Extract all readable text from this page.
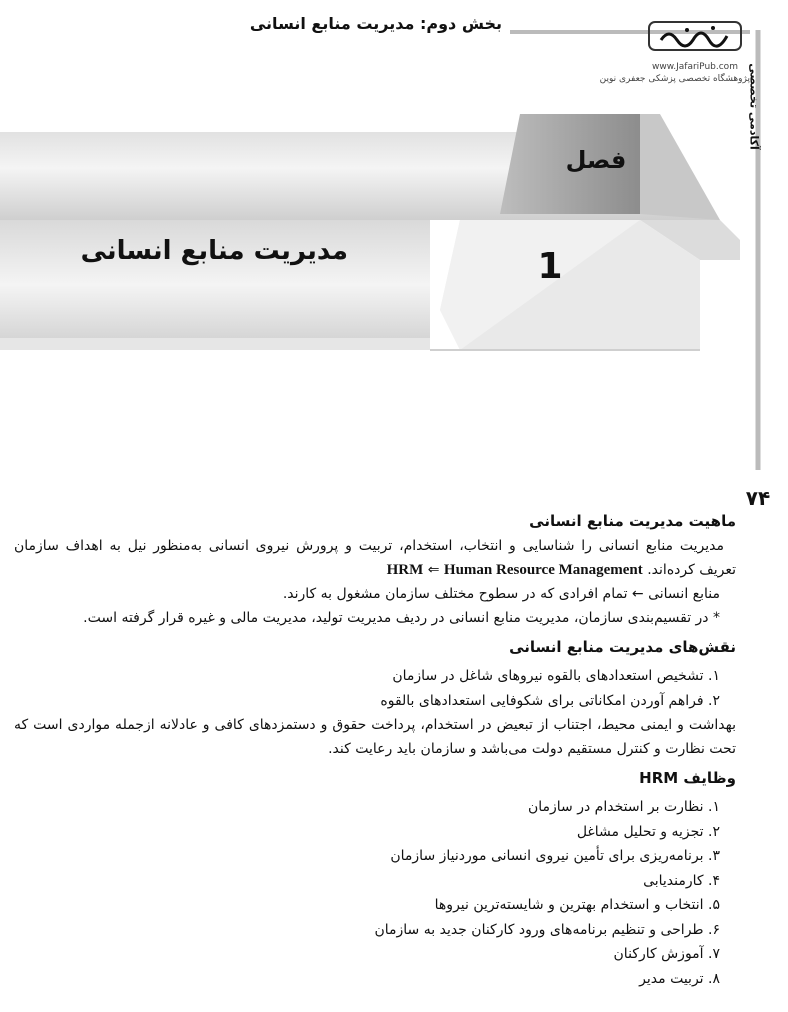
بخش دوم: مدیریت منابع انسانی
www.JafariPub.com
پژوهشگاه تخصصی پزشکی جعفری نوین
آکادمی تخصصی
فصل
1
مدیریت منابع انسانی
۷۴

ماهیت مدیریت منابع انسانی

مدیریت منابع انسانی را شناسایی و انتخاب، استخدام، تربیت و پرورش نیروی انسانی به‌منظور نیل به اهداف سازمان تعریف کرده‌اند. HRM ⇐ Human Resource Management

منابع انسانی ← تمام افرادی که در سطوح مختلف سازمان مشغول به کارند.

* در تقسیم‌بندی سازمان، مدیریت منابع انسانی در ردیف مدیریت تولید، مدیریت مالی و غیره قرار گرفته است.

نقش‌های مدیریت منابع انسانی

۱. تشخیص استعدادهای بالقوه نیروهای شاغل در سازمان
۲. فراهم آوردن امکاناتی برای شکوفایی استعدادهای بالقوه

بهداشت و ایمنی محیط، اجتناب از تبعیض در استخدام، پرداخت حقوق و دستمزدهای کافی و عادلانه ازجمله مواردی است که تحت نظارت و کنترل مستقیم دولت می‌باشد و سازمان باید رعایت کند.

وظایف HRM

۱. نظارت بر استخدام در سازمان
۲. تجزیه و تحلیل مشاغل
۳. برنامه‌ریزی برای تأمین نیروی انسانی موردنیاز سازمان
۴. کارمندیابی
۵. انتخاب و استخدام بهترین و شایسته‌ترین نیروها
۶. طراحی و تنظیم برنامه‌های ورود کارکنان جدید به سازمان
۷. آموزش کارکنان
۸. تربیت مدیر
